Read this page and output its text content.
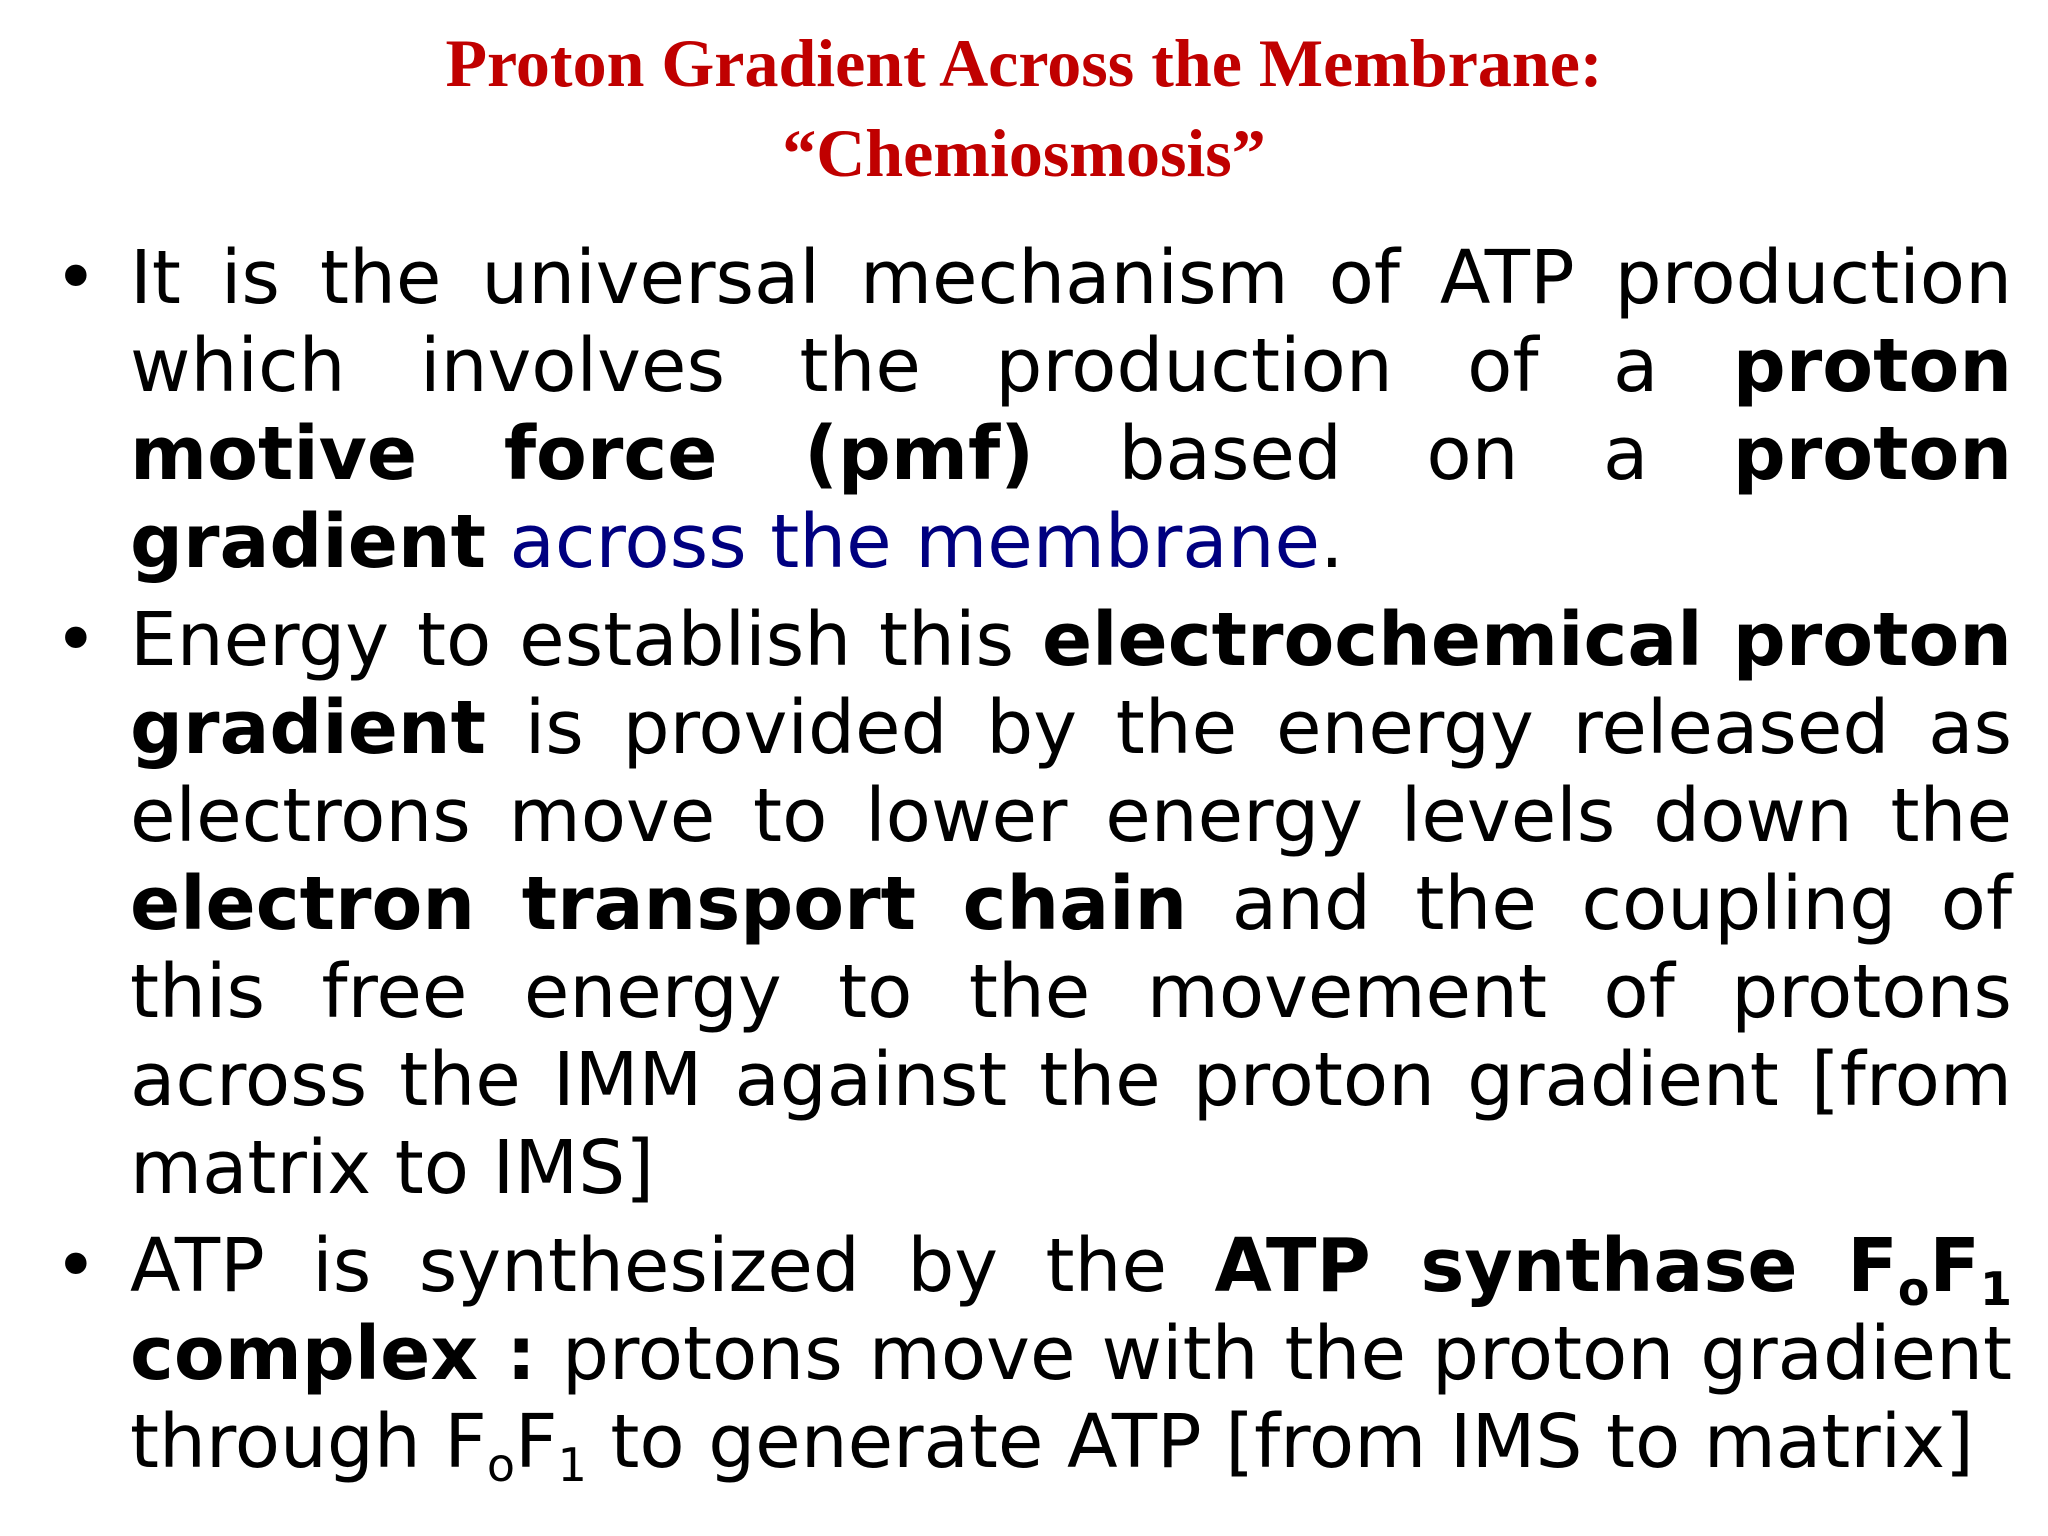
Proton Gradient Across the Membrane:
“Chemiosmosis”
• It is the universal mechanism of ATP production which involves the production of a proton motive force (pmf) based on a proton gradient across the membrane.
• Energy to establish this electrochemical proton gradient is provided by the energy released as electrons move to lower energy levels down the electron transport chain and the coupling of this free energy to the movement of protons across the IMM against the proton gradient [from matrix to IMS]
• ATP is synthesized by the ATP synthase $F_oF_1$ complex : protons move with the proton gradient through $F_oF_1$ to generate ATP [from IMS to matrix]
